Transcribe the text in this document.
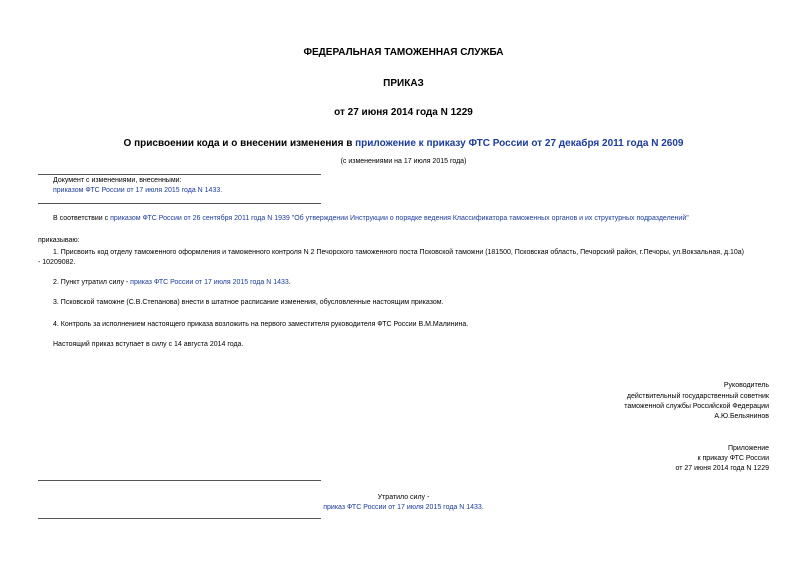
ФЕДЕРАЛЬНАЯ ТАМОЖЕННАЯ СЛУЖБА
ПРИКАЗ
от 27 июня 2014 года N 1229
О присвоении кода и о внесении изменения в приложение к приказу ФТС России от 27 декабря 2011 года N 2609
(с изменениями на 17 июля 2015 года)
Документ с изменениями, внесенными:
приказом ФТС России от 17 июля 2015 года N 1433.
В соответствии с приказом ФТС России от 26 сентября 2011 года N 1939 "Об утверждении Инструкции о порядке ведения Классификатора таможенных органов и их структурных подразделений"
приказываю:
1. Присвоить код отделу таможенного оформления и таможенного контроля N 2 Печорского таможенного поста Псковской таможни (181500, Псковская область, Печорский район, г.Печоры, ул.Вокзальная, д.10а)
- 10209082.
2. Пункт утратил силу - приказ ФТС России от 17 июля 2015 года N 1433.
3. Псковской таможне (С.В.Степанова) внести в штатное расписание изменения, обусловленные настоящим приказом.
4. Контроль за исполнением настоящего приказа возложить на первого заместителя руководителя ФТС России В.М.Малинина.
Настоящий приказ вступает в силу с 14 августа 2014 года.
Руководитель
действительный государственный советник
таможенной службы Российской Федерации
А.Ю.Бельянинов
Приложение
к приказу ФТС России
от 27 июня 2014 года N 1229
Утратило силу -
приказ ФТС России от 17 июля 2015 года N 1433.
